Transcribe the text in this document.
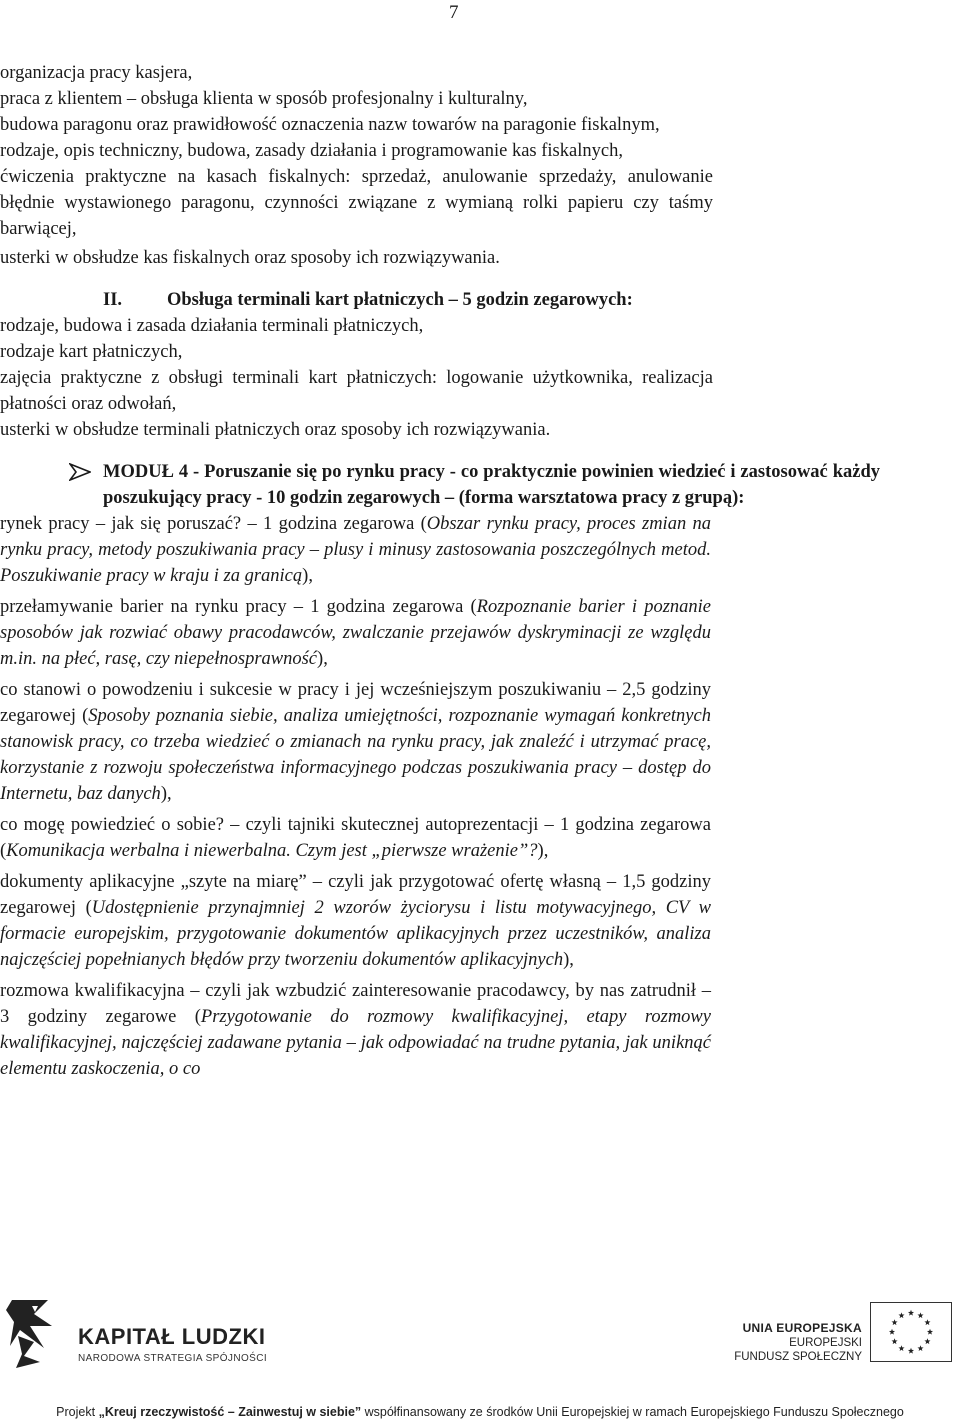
7
organizacja pracy kasjera,
praca z klientem – obsługa klienta w sposób profesjonalny i kulturalny,
budowa paragonu oraz prawidłowość oznaczenia nazw towarów na paragonie fiskalnym,
rodzaje, opis techniczny, budowa, zasady działania i programowanie kas fiskalnych,
ćwiczenia praktyczne na kasach fiskalnych: sprzedaż, anulowanie sprzedaży, anulowanie błędnie wystawionego paragonu, czynności związane z wymianą rolki papieru czy taśmy barwiącej,
usterki w obsłudze kas fiskalnych oraz sposoby ich rozwiązywania.
II.	Obsługa terminali kart płatniczych – 5 godzin zegarowych:
rodzaje, budowa i zasada działania terminali płatniczych,
rodzaje kart płatniczych,
zajęcia praktyczne z obsługi terminali kart płatniczych: logowanie użytkownika, realizacja płatności oraz odwołań,
usterki w obsłudze terminali płatniczych oraz sposoby ich rozwiązywania.
MODUŁ 4 - Poruszanie się po rynku pracy - co praktycznie powinien wiedzieć i zastosować każdy poszukujący pracy - 10 godzin zegarowych – (forma warsztatowa pracy z grupą):
rynek pracy – jak się poruszać? – 1 godzina zegarowa (Obszar rynku pracy, proces zmian na rynku pracy, metody poszukiwania pracy – plusy i minusy zastosowania poszczególnych metod. Poszukiwanie pracy w kraju i za granicą),
przełamywanie barier na rynku pracy – 1 godzina zegarowa (Rozpoznanie barier i poznanie sposobów jak rozwiać obawy pracodawców, zwalczanie przejawów dyskryminacji ze względu m.in. na płeć, rasę, czy niepełnosprawność),
co stanowi o powodzeniu i sukcesie w pracy i jej wcześniejszym poszukiwaniu – 2,5 godziny zegarowej (Sposoby poznania siebie, analiza umiejętności, rozpoznanie wymagań konkretnych stanowisk pracy, co trzeba wiedzieć o zmianach na rynku pracy, jak znaleźć i utrzymać pracę, korzystanie z rozwoju społeczeństwa informacyjnego podczas poszukiwania pracy – dostęp do Internetu, baz danych),
co mogę powiedzieć o sobie? – czyli tajniki skutecznej autoprezentacji – 1 godzina zegarowa (Komunikacja werbalna i niewerbalna. Czym jest „pierwsze wrażenie”?),
dokumenty aplikacyjne „szyte na miarę” – czyli jak przygotować ofertę własną – 1,5 godziny zegarowej (Udostępnienie przynajmniej 2 wzorów życiorysu i listu motywacyjnego, CV w formacie europejskim, przygotowanie dokumentów aplikacyjnych przez uczestników, analiza najczęściej popełnianych błędów przy tworzeniu dokumentów aplikacyjnych),
rozmowa kwalifikacyjna – czyli jak wzbudzić zainteresowanie pracodawcy, by nas zatrudnił – 3 godziny zegarowe (Przygotowanie do rozmowy kwalifikacyjnej, etapy rozmowy kwalifikacyjnej, najczęściej zadawane pytania – jak odpowiadać na trudne pytania, jak uniknąć elementu zaskoczenia, o co
KAPITAŁ LUDZKI
NARODOWA STRATEGIA SPÓJNOŚCI
UNIA EUROPEJSKA
EUROPEJSKI
FUNDUSZ SPOŁECZNY
Projekt „Kreuj rzeczywistość – Zainwestuj w siebie” współfinansowany ze środków Unii Europejskiej w ramach Europejskiego Funduszu Społecznego
